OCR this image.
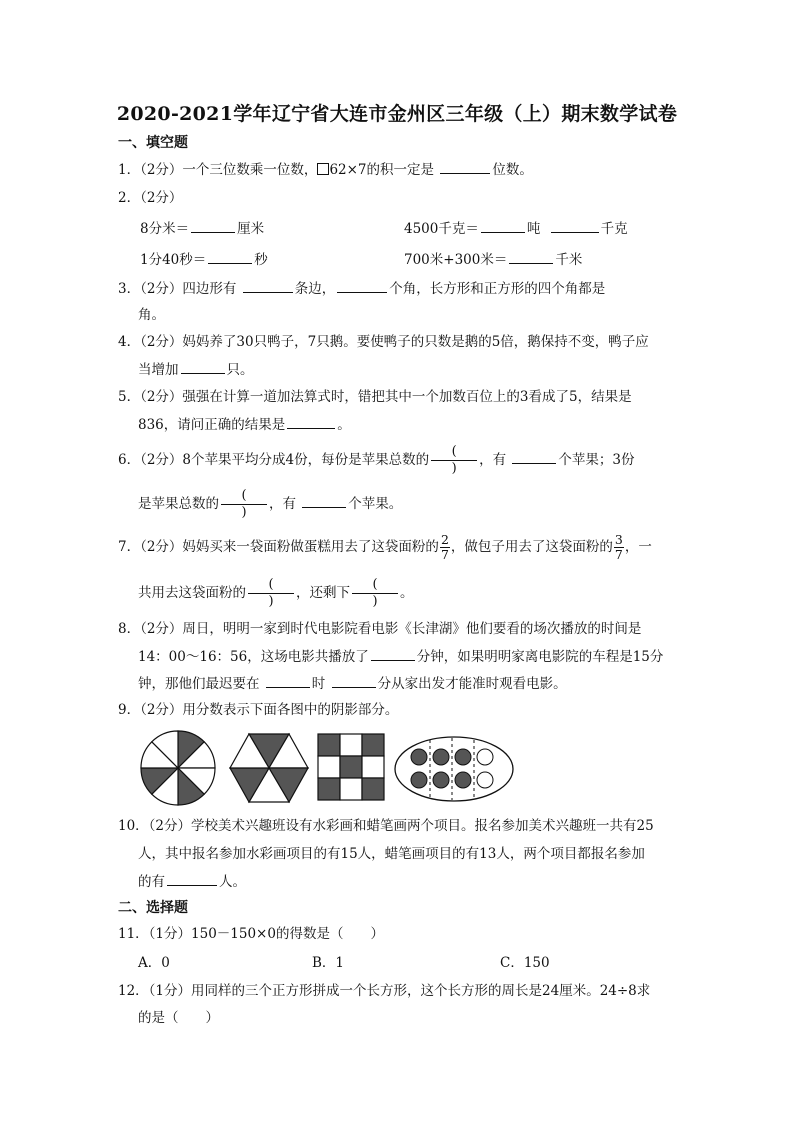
2020-2021学年辽宁省大连市金州区三年级（上）期末数学试卷
一、填空题
1．（2分）一个三位数乘一位数， 62×7的积一定是	位数。
2．（2分）
8分米＝	厘米	4500千克＝	吨	千克
1分40秒＝	秒	700米+300米＝	千米
3．（2分）四边形有	条边，	个角，长方形和正方形的四个角都是
角。
4．（2分）妈妈养了30只鸭子，7只鹅。要使鸭子的只数是鹅的5倍，鹅保持不变，鸭子应
当增加	只。
5．（2分）强强在计算一道加法算式时，错把其中一个加数百位上的3看成了5，结果是
836，请问正确的结果是	。
6．（2分）8个苹果平均分成4份，每份是苹果总数的 $\frac{(}{)}$ ，有	个苹果；3份
是苹果总数的 $\frac{(}{)}$ ，有	个苹果。
7．（2分）妈妈买来一袋面粉做蛋糕用去了这袋面粉的 $\frac{2}{7}$ ，做包子用去了这袋面粉的 $\frac{3}{7}$ ，一
共用去这袋面粉的 $\frac{(}{)}$ ，还剩下 $\frac{(}{)}$ 。
8．（2分）周日，明明一家到时代电影院看电影《长津湖》他们要看的场次播放的时间是
14：00～16：56，这场电影共播放了	分钟，如果明明家离电影院的车程是15分
钟，那他们最迟要在	时	分从家出发才能准时观看电影。
9．（2分）用分数表示下面各图中的阴影部分。
10．（2分）学校美术兴趣班设有水彩画和蜡笔画两个项目。报名参加美术兴趣班一共有25
人，其中报名参加水彩画项目的有15人，蜡笔画项目的有13人，两个项目都报名参加
的有	人。
二、选择题
11．（1分）150－150×0的得数是（　　）
A．0	B．1	C．150
12．（1分）用同样的三个正方形拼成一个长方形，这个长方形的周长是24厘米。24÷8求
的是（　　）
